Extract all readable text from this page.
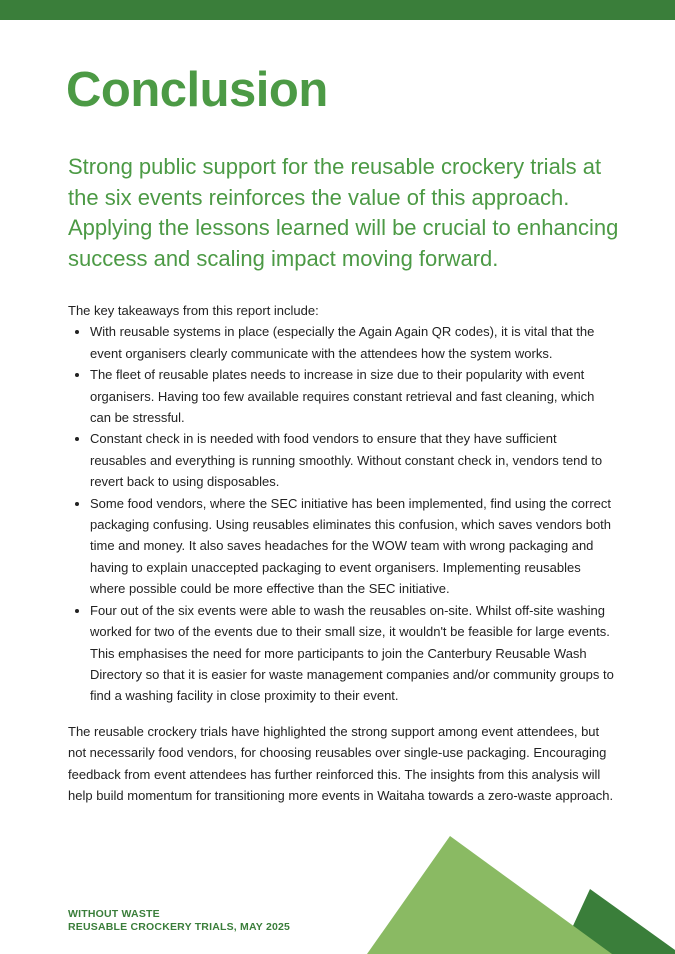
Conclusion

Strong public support for the reusable crockery trials at the six events reinforces the value of this approach. Applying the lessons learned will be crucial to enhancing success and scaling impact moving forward.

The key takeaways from this report include:

• With reusable systems in place (especially the Again Again QR codes), it is vital that the event organisers clearly communicate with the attendees how the system works.
• The fleet of reusable plates needs to increase in size due to their popularity with event organisers. Having too few available requires constant retrieval and fast cleaning, which can be stressful.
• Constant check in is needed with food vendors to ensure that they have sufficient reusables and everything is running smoothly. Without constant check in, vendors tend to revert back to using disposables.
• Some food vendors, where the SEC initiative has been implemented, find using the correct packaging confusing. Using reusables eliminates this confusion, which saves vendors both time and money. It also saves headaches for the WOW team with wrong packaging and having to explain unaccepted packaging to event organisers. Implementing reusables where possible could be more effective than the SEC initiative.
• Four out of the six events were able to wash the reusables on-site. Whilst off-site washing worked for two of the events due to their small size, it wouldn't be feasible for large events. This emphasises the need for more participants to join the Canterbury Reusable Wash Directory so that it is easier for waste management companies and/or community groups to find a washing facility in close proximity to their event.

The reusable crockery trials have highlighted the strong support among event attendees, but not necessarily food vendors, for choosing reusables over single-use packaging. Encouraging feedback from event attendees has further reinforced this. The insights from this analysis will help build momentum for transitioning more events in Waitaha towards a zero-waste approach.

WITHOUT WASTE
REUSABLE CROCKERY TRIALS, MAY 2025
